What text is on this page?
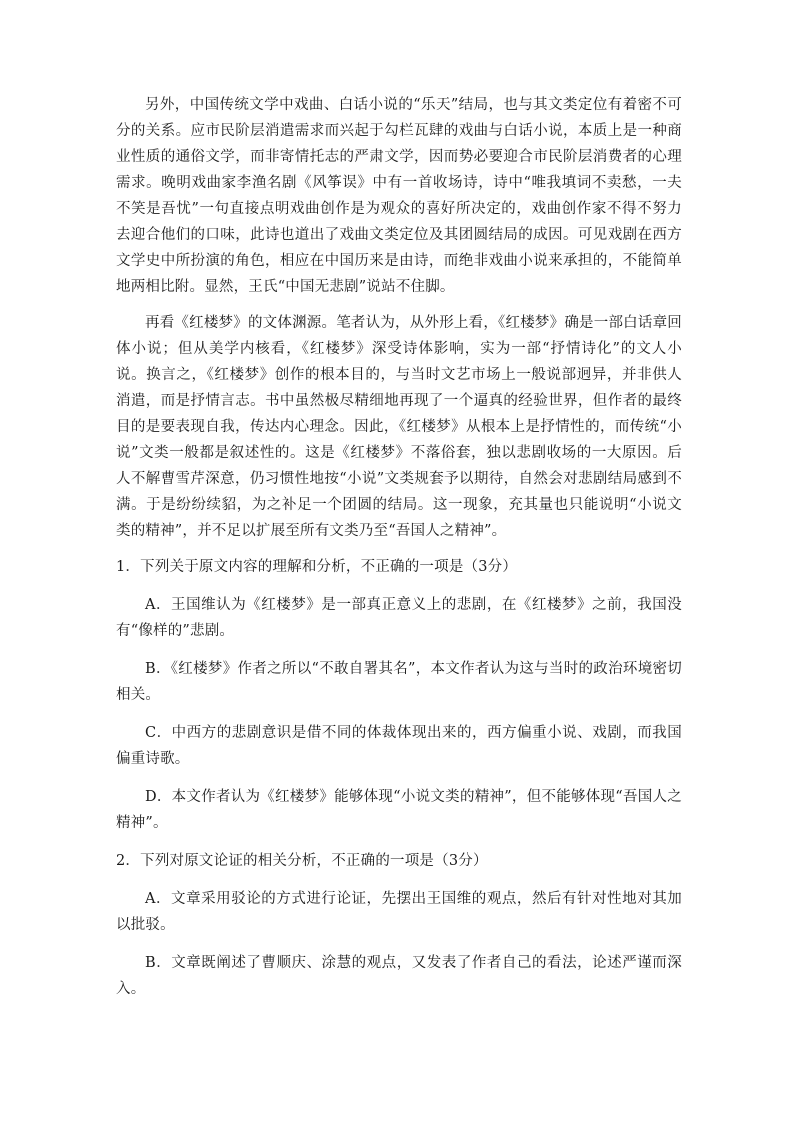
另外，中国传统文学中戏曲、白话小说的“乐天”结局，也与其文类定位有着密不可分的关系。应市民阶层消遣需求而兴起于勾栏瓦肆的戏曲与白话小说，本质上是一种商业性质的通俗文学，而非寄情托志的严肃文学，因而势必要迎合市民阶层消费者的心理需求。晚明戏曲家李渔名剧《风筝误》中有一首收场诗，诗中“唯我填词不卖愁，一夫不笑是吾忧”一句直接点明戏曲创作是为观众的喜好所决定的，戏曲创作家不得不努力去迎合他们的口味，此诗也道出了戏曲文类定位及其团圆结局的成因。可见戏剧在西方文学史中所扮演的角色，相应在中国历来是由诗，而绝非戏曲小说来承担的，不能简单地两相比附。显然，王氏“中国无悲剧”说站不住脚。

再看《红楼梦》的文体渊源。笔者认为，从外形上看，《红楼梦》确是一部白话章回体小说；但从美学内核看，《红楼梦》深受诗体影响，实为一部“抒情诗化”的文人小说。换言之，《红楼梦》创作的根本目的，与当时文艺市场上一般说部迥异，并非供人消遣，而是抒情言志。书中虽然极尽精细地再现了一个逼真的经验世界，但作者的最终目的是要表现自我，传达内心理念。因此，《红楼梦》从根本上是抒情性的，而传统“小说”文类一般都是叙述性的。这是《红楼梦》不落俗套，独以悲剧收场的一大原因。后人不解曹雪芹深意，仍习惯性地按“小说”文类规套予以期待，自然会对悲剧结局感到不满。于是纷纷续貂，为之补足一个团圆的结局。这一现象，充其量也只能说明“小说文类的精神”，并不足以扩展至所有文类乃至“吾国人之精神”。

1．下列关于原文内容的理解和分析，不正确的一项是（3分）

A．王国维认为《红楼梦》是一部真正意义上的悲剧，在《红楼梦》之前，我国没有“像样的”悲剧。

B．《红楼梦》作者之所以“不敢自署其名”，本文作者认为这与当时的政治环境密切相关。

C．中西方的悲剧意识是借不同的体裁体现出来的，西方偏重小说、戏剧，而我国偏重诗歌。

D．本文作者认为《红楼梦》能够体现“小说文类的精神”，但不能够体现“吾国人之精神”。

2．下列对原文论证的相关分析，不正确的一项是（3分）

A．文章采用驳论的方式进行论证，先摆出王国维的观点，然后有针对性地对其加以批驳。

B．文章既阐述了曹顺庆、涂慧的观点，又发表了作者自己的看法，论述严谨而深入。
